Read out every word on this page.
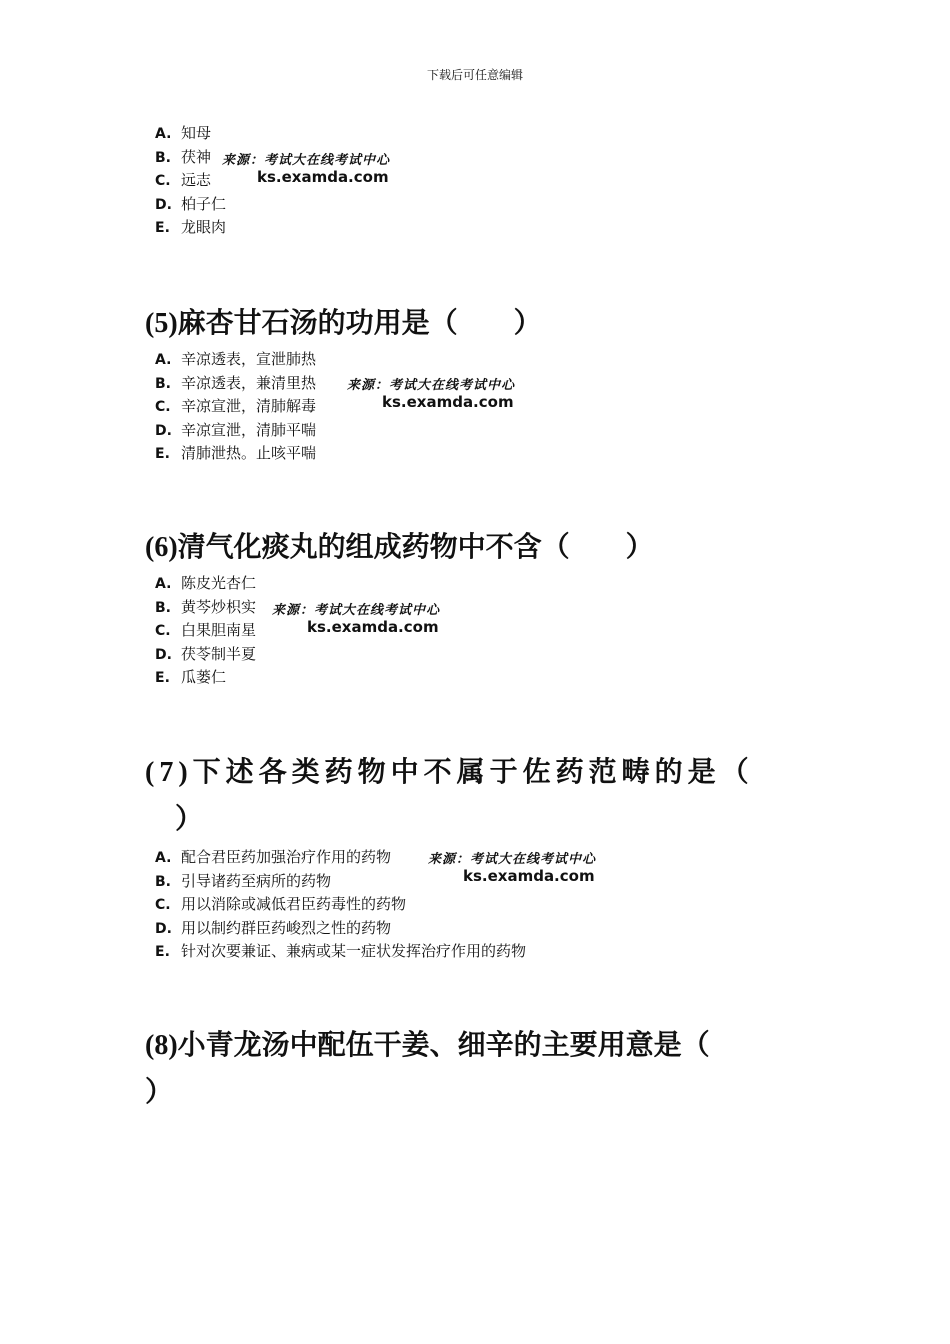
下载后可任意编辑
A. 知母
B. 茯神
C. 远志
D. 柏子仁
E. 龙眼肉
来源：考试大在线考试中心
ks.examda.com
(5)麻杏甘石汤的功用是（　　）
A. 辛凉透表，宣泄肺热
B. 辛凉透表，兼清里热
C. 辛凉宣泄，清肺解毒
D. 辛凉宣泄，清肺平喘
E. 清肺泄热。止咳平喘
来源：考试大在线考试中心
ks.examda.com
(6)清气化痰丸的组成药物中不含（　　）
A. 陈皮光杏仁
B. 黄芩炒枳实
C. 白果胆南星
D. 茯苓制半夏
E. 瓜蒌仁
来源：考试大在线考试中心
ks.examda.com
(7)下述各类药物中不属于佐药范畴的是（
）
A. 配合君臣药加强治疗作用的药物
B. 引导诸药至病所的药物
C. 用以消除或减低君臣药毒性的药物
D. 用以制约群臣药峻烈之性的药物
E. 针对次要兼证、兼病或某一症状发挥治疗作用的药物
来源：考试大在线考试中心
ks.examda.com
(8)小青龙汤中配伍干姜、细辛的主要用意是（
）
